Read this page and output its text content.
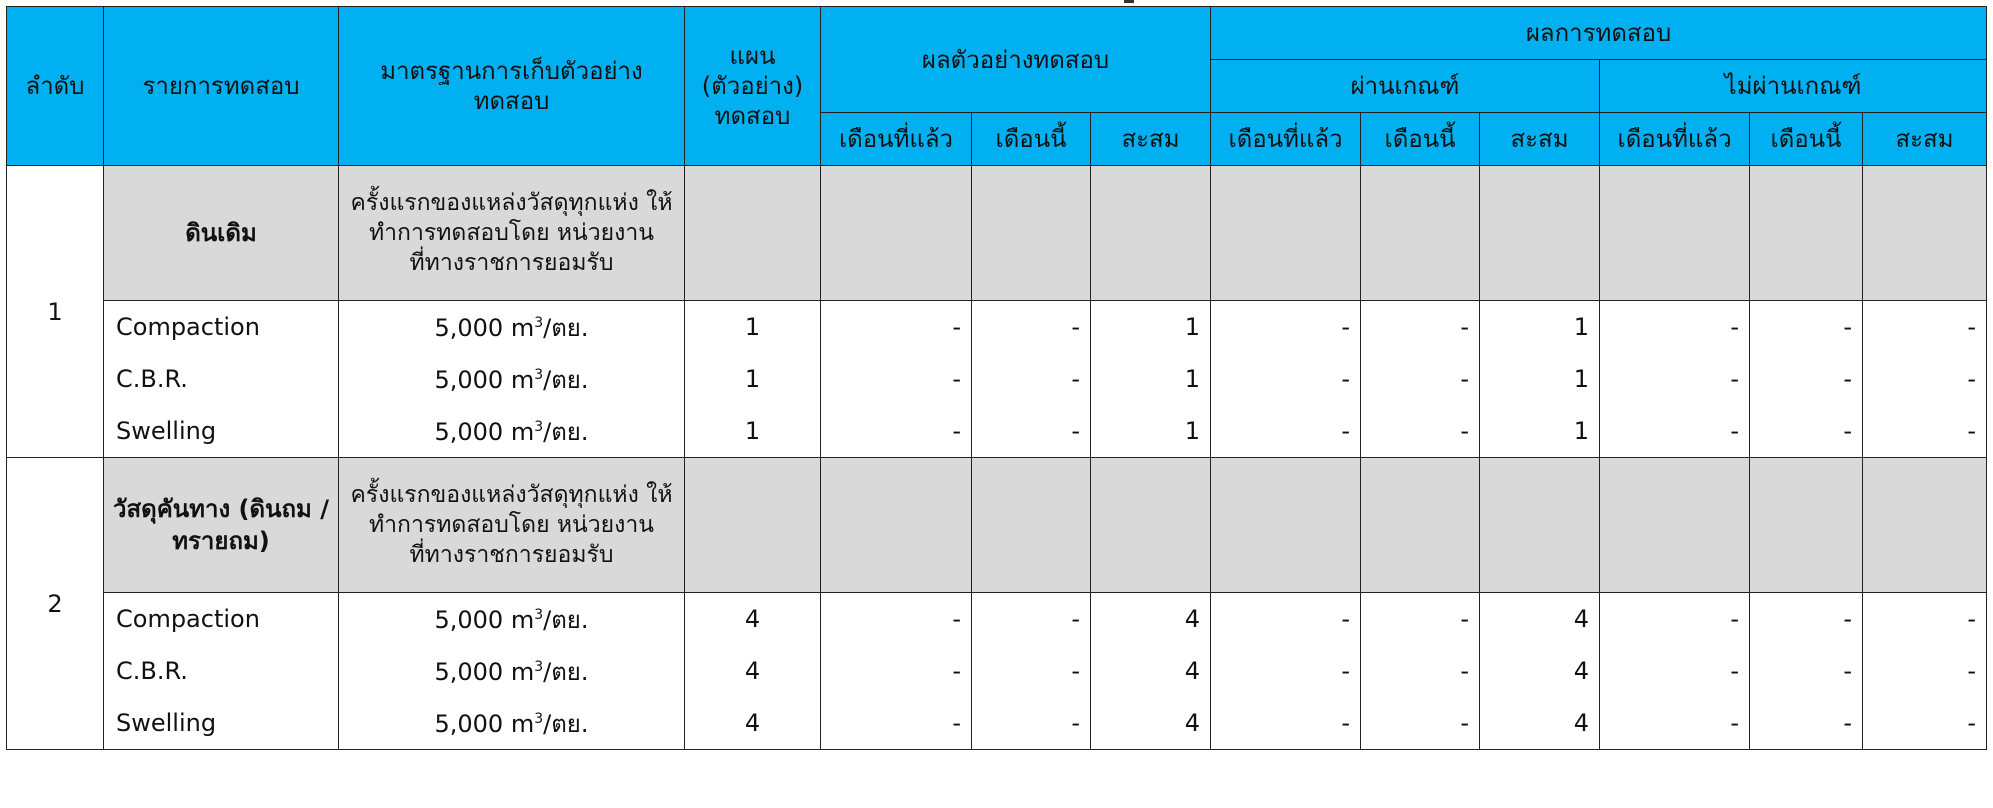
ลำดับ	รายการทดสอบ	มาตรฐานการเก็บตัวอย่างทดสอบ	แผน (ตัวอย่าง) ทดสอบ	ผลตัวอย่างทดสอบ			ผลการทดสอบ					
							ผ่านเกณฑ์			ไม่ผ่านเกณฑ์		
				เดือนที่แล้ว	เดือนนี้	สะสม	เดือนที่แล้ว	เดือนนี้	สะสม	เดือนที่แล้ว	เดือนนี้	สะสม
1	ดินเดิม	ครั้งแรกของแหล่งวัสดุทุกแห่ง ให้ทำการทดสอบโดย หน่วยงานที่ทางราชการยอมรับ										
	Compaction	5,000 $m^3/$ตย.	1	-	-	1	-	-	1	-	-	-
	C.B.R.	5,000 $m^3/$ตย.	1	-	-	1	-	-	1	-	-	-
	Swelling	5,000 $m^3/$ตย.	1	-	-	1	-	-	1	-	-	-
2	วัสดุคันทาง (ดินถม / ทรายถม)	ครั้งแรกของแหล่งวัสดุทุกแห่ง ให้ทำการทดสอบโดย หน่วยงานที่ทางราชการยอมรับ										
	Compaction	5,000 $m^3/$ตย.	4	-	-	4	-	-	4	-	-	-
	C.B.R.	5,000 $m^3/$ตย.	4	-	-	4	-	-	4	-	-	-
	Swelling	5,000 $m^3/$ตย.	4	-	-	4	-	-	4	-	-	-
